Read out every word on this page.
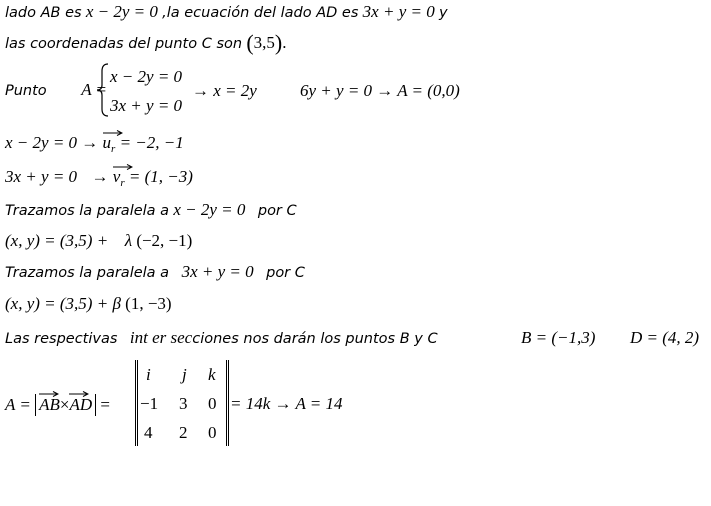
lado AB es x − 2y = 0 ,la ecuación del lado AD es 3x + y = 0 y
las coordenadas del punto C son (3,5).
Punto A =
x − 2y = 0
3x + y = 0
→ x = 2y	6y + y = 0 → A = (0,0)
$x - 2y = 0 \to u_r = -2$, −1
$3x + y = 0 \to v_r = (1$, −3)
Trazamos la paralela a x − 2y = 0 por C
(x, y) = (3,5) + λ (−2, −1)
Trazamos la paralela a 3x + y = 0 por C
(x, y) = (3,5) + β (1, −3)
Las respectivas int er secciones nos darán los puntos B y C	B = (−1,3) D = (4, 2)
A = AB×
AD =
i j k
−1 3 0
4 2 0
= 14k → A = 14
